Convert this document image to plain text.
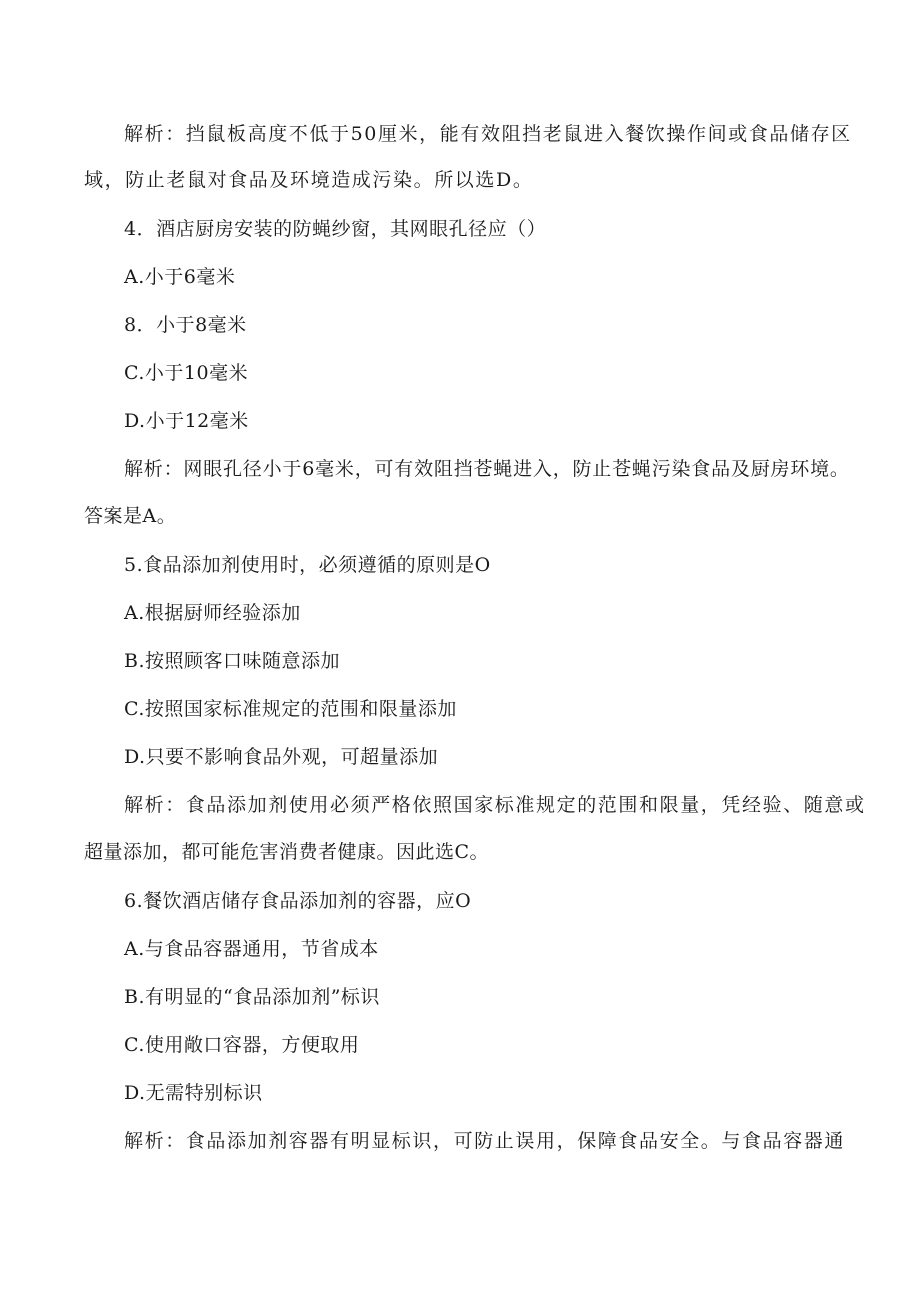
解析：挡鼠板高度不低于50厘米，能有效阻挡老鼠进入餐饮操作间或食品储存区
域，防止老鼠对食品及环境造成污染。所以选D。
4．酒店厨房安装的防蝇纱窗，其网眼孔径应（）
A.小于6毫米
8．小于8毫米
C.小于10毫米
D.小于12毫米
解析：网眼孔径小于6毫米，可有效阻挡苍蝇进入，防止苍蝇污染食品及厨房环境。
答案是A。
5.食品添加剂使用时，必须遵循的原则是O
A.根据厨师经验添加
B.按照顾客口味随意添加
C.按照国家标准规定的范围和限量添加
D.只要不影响食品外观，可超量添加
解析：食品添加剂使用必须严格依照国家标准规定的范围和限量，凭经验、随意或
超量添加，都可能危害消费者健康。因此选C。
6.餐饮酒店储存食品添加剂的容器，应O
A.与食品容器通用，节省成本
B.有明显的“食品添加剂”标识
C.使用敞口容器，方便取用
D.无需特别标识
解析：食品添加剂容器有明显标识，可防止误用，保障食品安全。与食品容器通
